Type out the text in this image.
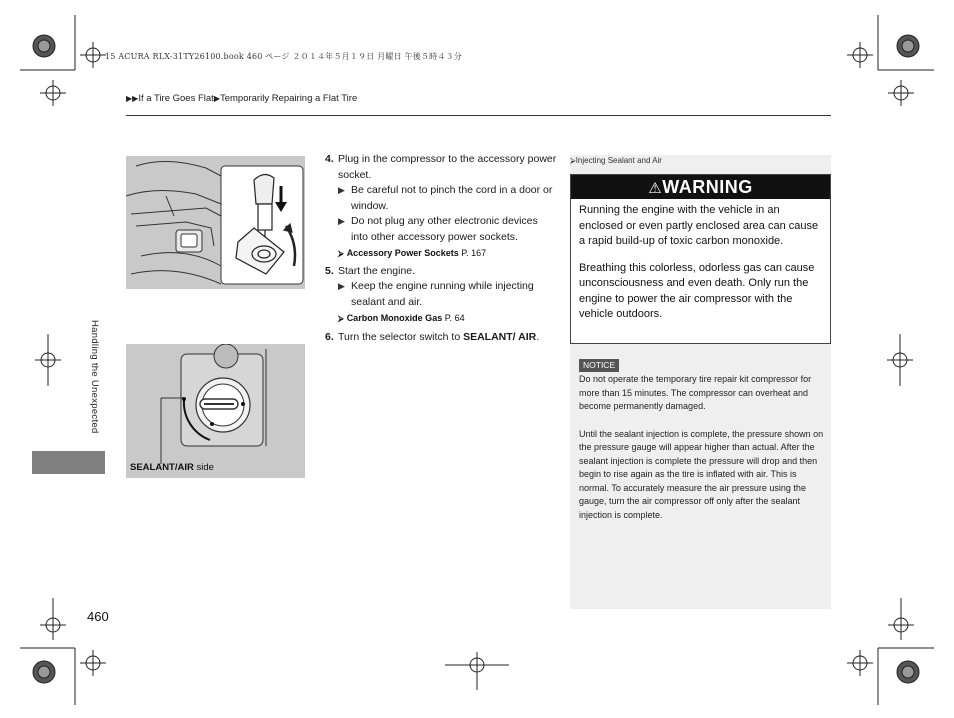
15 ACURA RLX-31TY26100.book 460 ページ ２０１４年５月１９日 月曜日 午後５時４３分
▶▶If a Tire Goes Flat▶Temporarily Repairing a Flat Tire
Handling the Unexpected
460
SEALANT/AIR side
4. Plug in the compressor to the accessory power socket.
▶ Be careful not to pinch the cord in a door or window.
▶ Do not plug any other electronic devices into other accessory power sockets.
⮚ Accessory Power Sockets P. 167
5. Start the engine.
▶ Keep the engine running while injecting sealant and air.
⮚ Carbon Monoxide Gas P. 64
6. Turn the selector switch to SEALANT/ AIR.
⮚Injecting Sealant and Air
⚠WARNING

Running the engine with the vehicle in an enclosed or even partly enclosed area can cause a rapid build-up of toxic carbon monoxide.

Breathing this colorless, odorless gas can cause unconsciousness and even death. Only run the engine to power the air compressor with the vehicle outdoors.

NOTICE

Do not operate the temporary tire repair kit compressor for more than 15 minutes. The compressor can overheat and become permanently damaged.

Until the sealant injection is complete, the pressure shown on the pressure gauge will appear higher than actual. After the sealant injection is complete the pressure will drop and then begin to rise again as the tire is inflated with air. This is normal. To accurately measure the air pressure using the gauge, turn the air compressor off only after the sealant injection is complete.
